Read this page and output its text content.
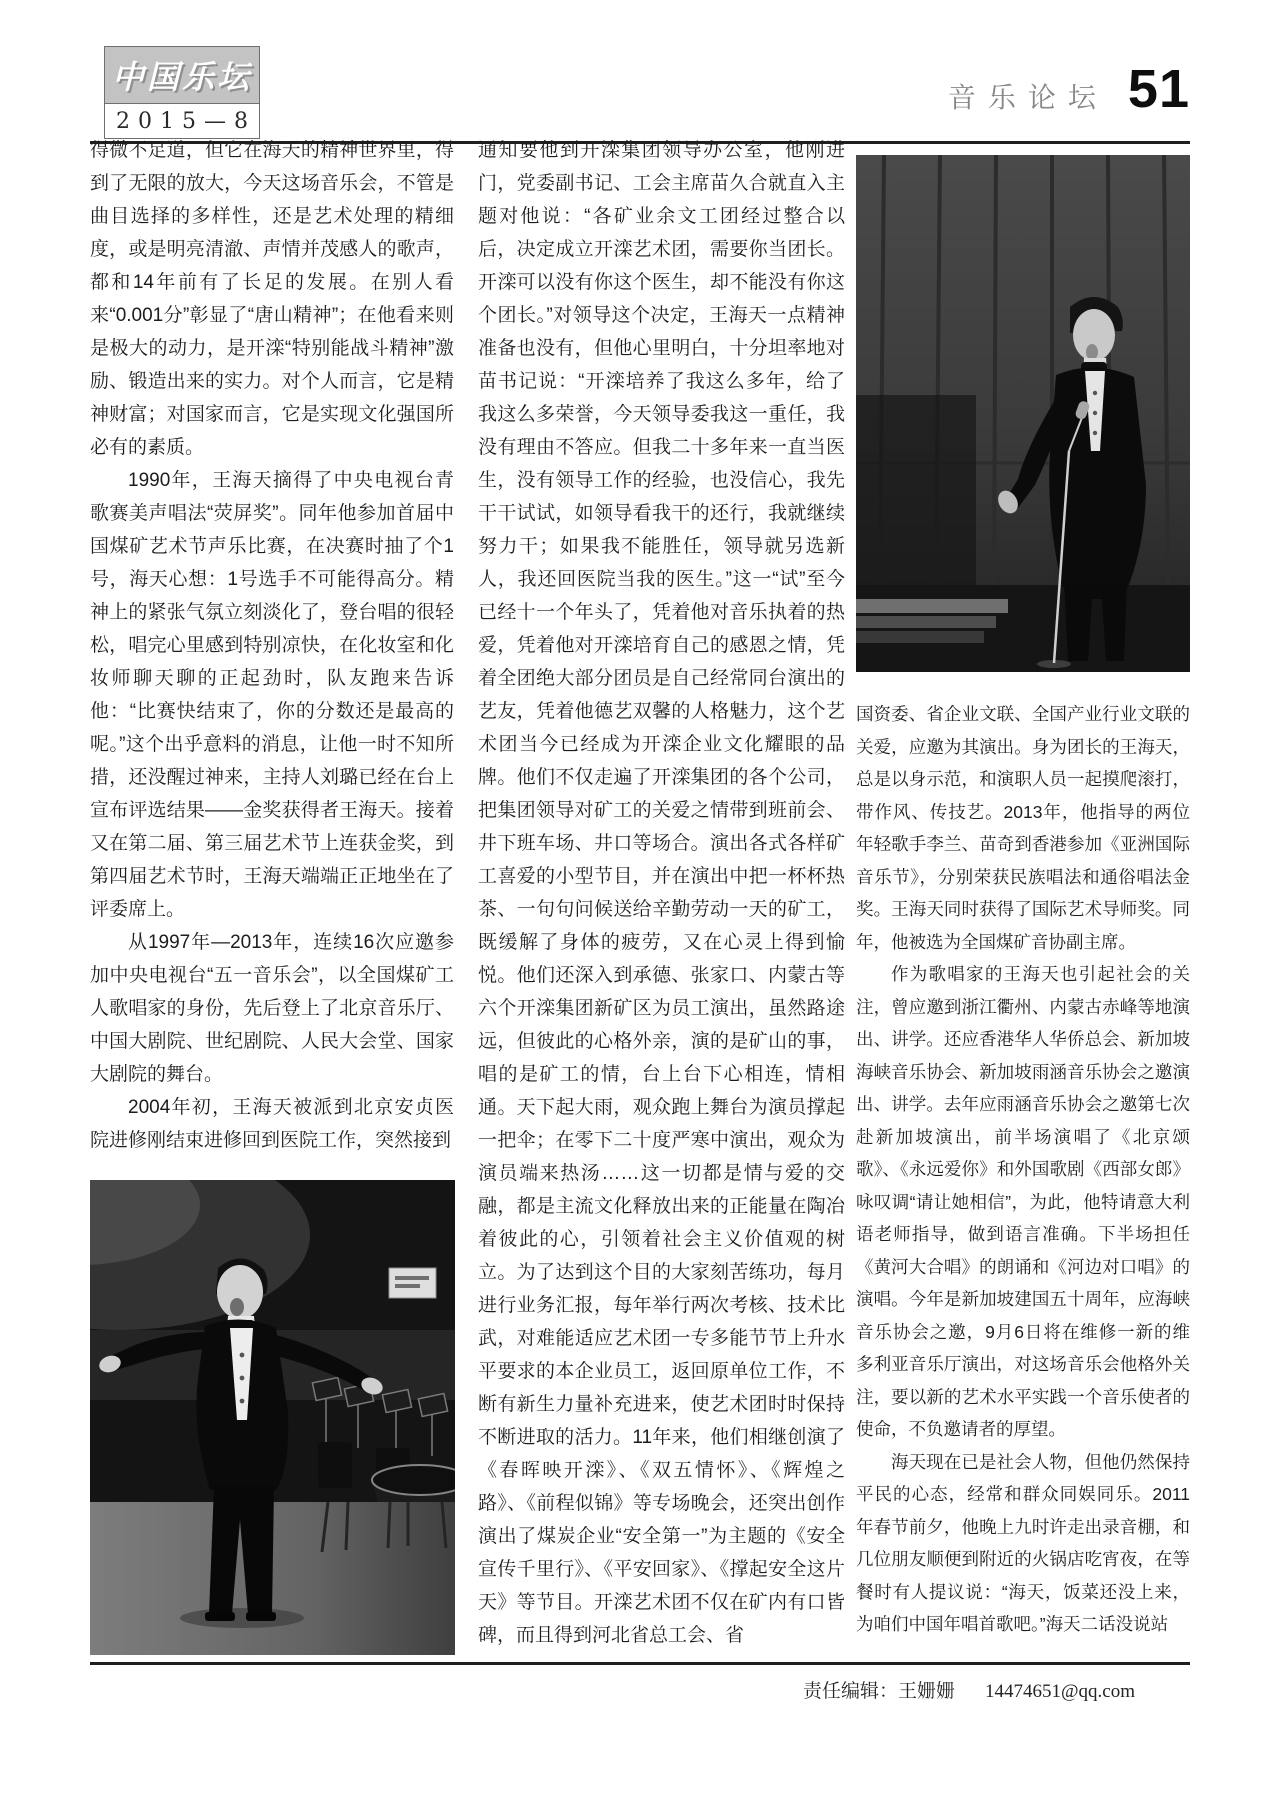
中国乐坛
2015—8
音乐论坛 51

得微不足道，但它在海天的精神世界里，得到了无限的放大，今天这场音乐会，不管是曲目选择的多样性，还是艺术处理的精细度，或是明亮清澈、声情并茂感人的歌声，都和14年前有了长足的发展。在别人看来“0.001分”彰显了“唐山精神”；在他看来则是极大的动力，是开滦“特别能战斗精神”激励、锻造出来的实力。对个人而言，它是精神财富；对国家而言，它是实现文化强国所必有的素质。

1990年，王海天摘得了中央电视台青歌赛美声唱法“荧屏奖”。同年他参加首届中国煤矿艺术节声乐比赛，在决赛时抽了个1号，海天心想：1号选手不可能得高分。精神上的紧张气氛立刻淡化了，登台唱的很轻松，唱完心里感到特别凉快，在化妆室和化妆师聊天聊的正起劲时，队友跑来告诉他：“比赛快结束了，你的分数还是最高的呢。”这个出乎意料的消息，让他一时不知所措，还没醒过神来，主持人刘璐已经在台上宣布评选结果——金奖获得者王海天。接着又在第二届、第三届艺术节上连获金奖，到第四届艺术节时，王海天端端正正地坐在了评委席上。

从1997年—2013年，连续16次应邀参加中央电视台“五一音乐会”，以全国煤矿工人歌唱家的身份，先后登上了北京音乐厅、中国大剧院、世纪剧院、人民大会堂、国家大剧院的舞台。

2004年初，王海天被派到北京安贞医院进修刚结束进修回到医院工作，突然接到

通知要他到开滦集团领导办公室，他刚进门，党委副书记、工会主席苗久合就直入主题对他说：“各矿业余文工团经过整合以后，决定成立开滦艺术团，需要你当团长。开滦可以没有你这个医生，却不能没有你这个团长。”对领导这个决定，王海天一点精神准备也没有，但他心里明白，十分坦率地对苗书记说：“开滦培养了我这么多年，给了我这么多荣誉，今天领导委我这一重任，我没有理由不答应。但我二十多年来一直当医生，没有领导工作的经验，也没信心，我先干干试试，如领导看我干的还行，我就继续努力干；如果我不能胜任，领导就另选新人，我还回医院当我的医生。”这一“试”至今已经十一个年头了，凭着他对音乐执着的热爱，凭着他对开滦培育自己的感恩之情，凭着全团绝大部分团员是自己经常同台演出的艺友，凭着他德艺双馨的人格魅力，这个艺术团当今已经成为开滦企业文化耀眼的品牌。他们不仅走遍了开滦集团的各个公司，把集团领导对矿工的关爱之情带到班前会、井下班车场、井口等场合。演出各式各样矿工喜爱的小型节目，并在演出中把一杯杯热茶、一句句问候送给辛勤劳动一天的矿工，既缓解了身体的疲劳，又在心灵上得到愉悦。他们还深入到承德、张家口、内蒙古等六个开滦集团新矿区为员工演出，虽然路途远，但彼此的心格外亲，演的是矿山的事，唱的是矿工的情，台上台下心相连，情相通。天下起大雨，观众跑上舞台为演员撑起一把伞；在零下二十度严寒中演出，观众为演员端来热汤……这一切都是情与爱的交融，都是主流文化释放出来的正能量在陶冶着彼此的心，引领着社会主义价值观的树立。为了达到这个目的大家刻苦练功，每月进行业务汇报，每年举行两次考核、技术比武，对难能适应艺术团一专多能节节上升水平要求的本企业员工，返回原单位工作，不断有新生力量补充进来，使艺术团时时保持不断进取的活力。11年来，他们相继创演了《春晖映开滦》、《双五情怀》、《辉煌之路》、《前程似锦》等专场晚会，还突出创作演出了煤炭企业“安全第一”为主题的《安全宣传千里行》、《平安回家》、《撑起安全这片天》等节目。开滦艺术团不仅在矿内有口皆碑，而且得到河北省总工会、省

国资委、省企业文联、全国产业行业文联的关爱，应邀为其演出。身为团长的王海天，总是以身示范，和演职人员一起摸爬滚打，带作风、传技艺。2013年，他指导的两位年轻歌手李兰、苗奇到香港参加《亚洲国际音乐节》，分别荣获民族唱法和通俗唱法金奖。王海天同时获得了国际艺术导师奖。同年，他被选为全国煤矿音协副主席。

作为歌唱家的王海天也引起社会的关注，曾应邀到浙江衢州、内蒙古赤峰等地演出、讲学。还应香港华人华侨总会、新加坡海峡音乐协会、新加坡雨涵音乐协会之邀演出、讲学。去年应雨涵音乐协会之邀第七次赴新加坡演出，前半场演唱了《北京颂歌》、《永远爱你》和外国歌剧《西部女郎》咏叹调“请让她相信”，为此，他特请意大利语老师指导，做到语言准确。下半场担任《黄河大合唱》的朗诵和《河边对口唱》的演唱。今年是新加坡建国五十周年，应海峡音乐协会之邀，9月6日将在维修一新的维多利亚音乐厅演出，对这场音乐会他格外关注，要以新的艺术水平实践一个音乐使者的使命，不负邀请者的厚望。

海天现在已是社会人物，但他仍然保持平民的心态，经常和群众同娱同乐。2011年春节前夕，他晚上九时许走出录音棚，和几位朋友顺便到附近的火锅店吃宵夜，在等餐时有人提议说：“海天，饭菜还没上来，为咱们中国年唱首歌吧。”海天二话没说站

责任编辑：王姗姗 14474651@qq.com
